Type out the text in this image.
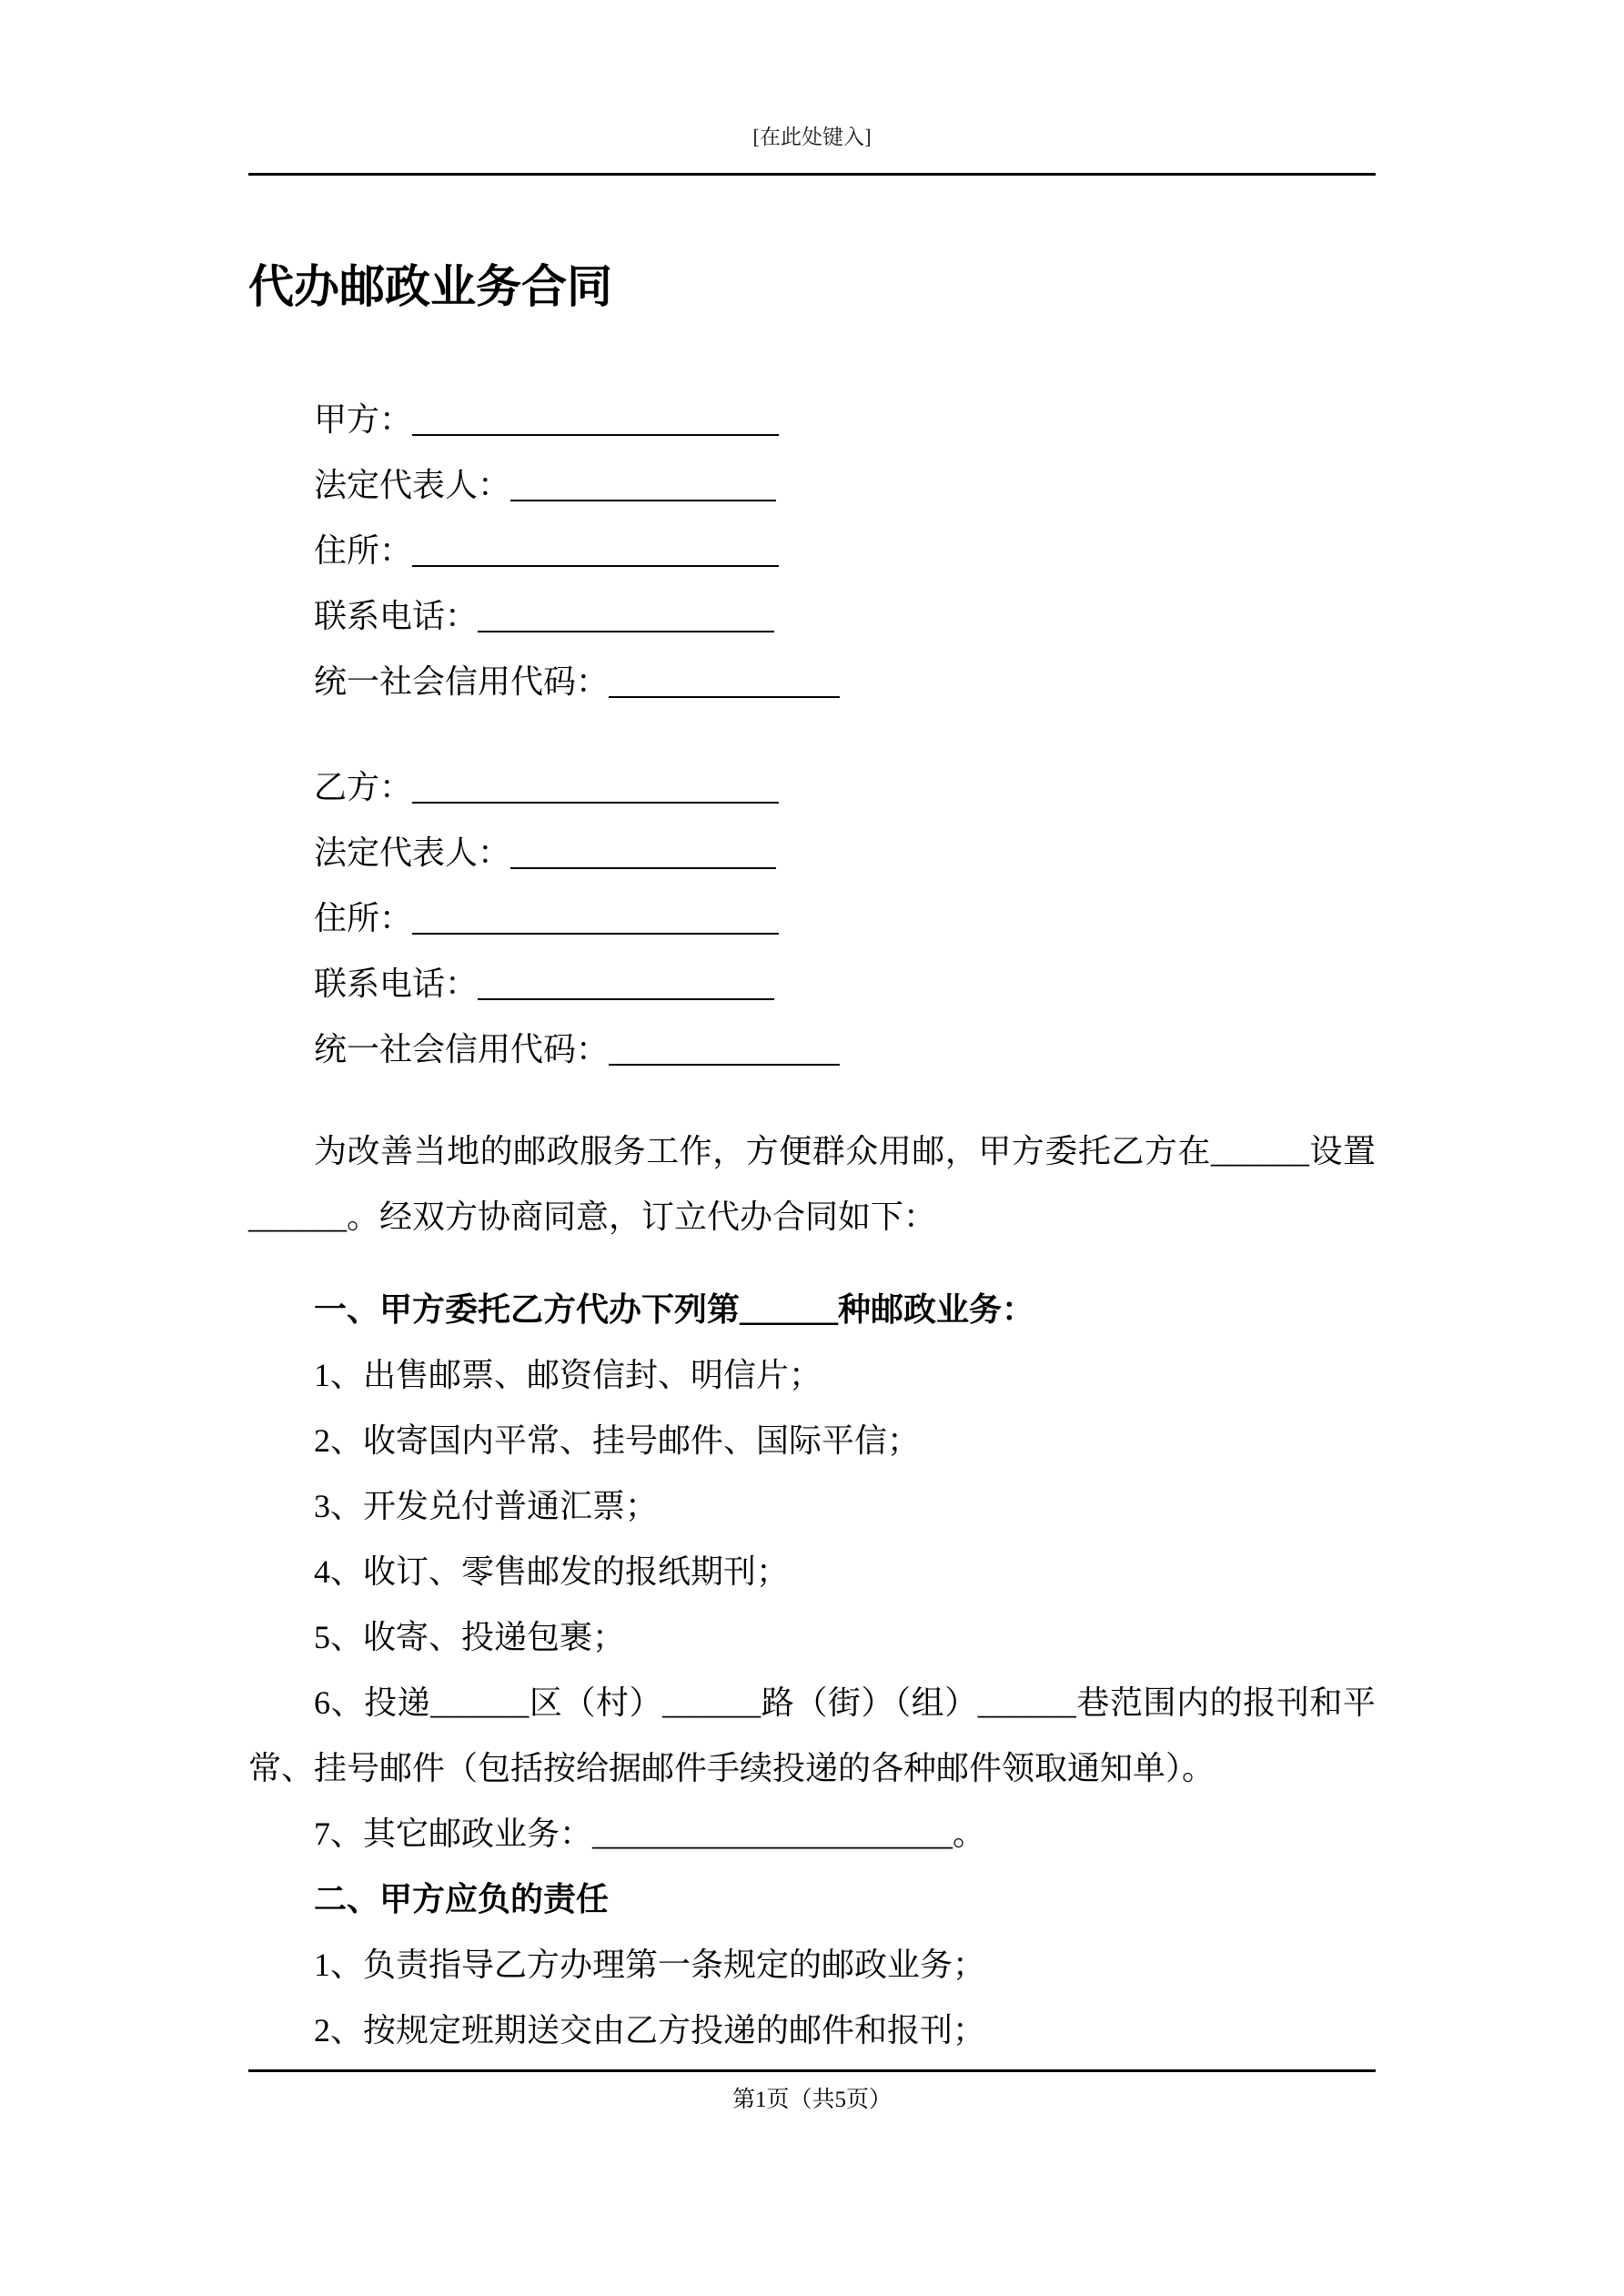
[在此处键入]
代办邮政业务合同
甲方：
法定代表人：
住所：
联系电话：
统一社会信用代码：
乙方：
法定代表人：
住所：
联系电话：
统一社会信用代码：

为改善当地的邮政服务工作，方便群众用邮，甲方委托乙方在______设置______。经双方协商同意，订立代办合同如下：

一、甲方委托乙方代办下列第______种邮政业务：

1、出售邮票、邮资信封、明信片；

2、收寄国内平常、挂号邮件、国际平信；

3、开发兑付普通汇票；

4、收订、零售邮发的报纸期刊；

5、收寄、投递包裹；

6、投递______区（村）______路（街）（组）______巷范围内的报刊和平常、挂号邮件（包括按给据邮件手续投递的各种邮件领取通知单）。

7、其它邮政业务：______________________。

二、甲方应负的责任

1、负责指导乙方办理第一条规定的邮政业务；

2、按规定班期送交由乙方投递的邮件和报刊；

第1页（共5页）
